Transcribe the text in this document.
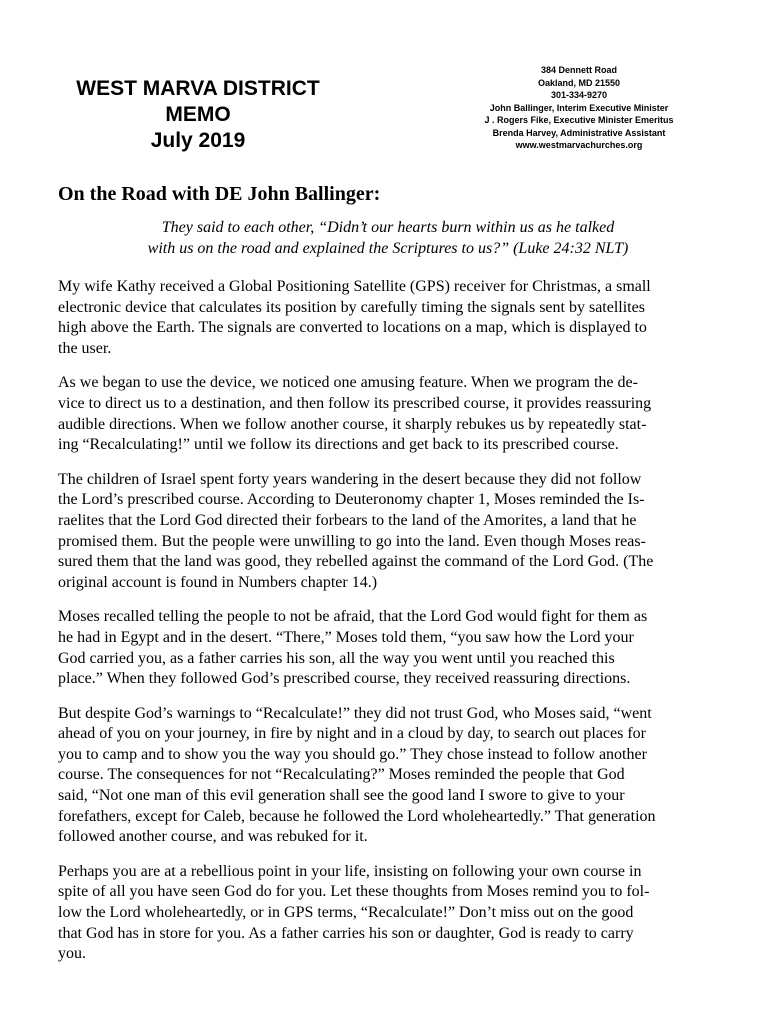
WEST MARVA DISTRICT
MEMO
July 2019
384 Dennett Road
Oakland, MD 21550
301-334-9270
John Ballinger, Interim Executive Minister
J . Rogers Fike, Executive Minister Emeritus
Brenda Harvey, Administrative Assistant
www.westmarvachurches.org
On the Road with DE John Ballinger:
They said to each other, “Didn’t our hearts burn within us as he talked
with us on the road and explained the Scriptures to us?” (Luke 24:32 NLT)
My wife Kathy received a Global Positioning Satellite (GPS) receiver for Christmas, a small
electronic device that calculates its position by carefully timing the signals sent by satellites
high above the Earth. The signals are converted to locations on a map, which is displayed to
the user.
As we began to use the device, we noticed one amusing feature. When we program the de-
vice to direct us to a destination, and then follow its prescribed course, it provides reassuring
audible directions. When we follow another course, it sharply rebukes us by repeatedly stat-
ing “Recalculating!” until we follow its directions and get back to its prescribed course.
The children of Israel spent forty years wandering in the desert because they did not follow
the Lord’s prescribed course. According to Deuteronomy chapter 1, Moses reminded the Is-
raelites that the Lord God directed their forbears to the land of the Amorites, a land that he
promised them. But the people were unwilling to go into the land. Even though Moses reas-
sured them that the land was good, they rebelled against the command of the Lord God. (The
original account is found in Numbers chapter 14.)
Moses recalled telling the people to not be afraid, that the Lord God would fight for them as
he had in Egypt and in the desert. “There,” Moses told them, “you saw how the Lord your
God carried you, as a father carries his son, all the way you went until you reached this
place.” When they followed God’s prescribed course, they received reassuring directions.
But despite God’s warnings to “Recalculate!” they did not trust God, who Moses said, “went
ahead of you on your journey, in fire by night and in a cloud by day, to search out places for
you to camp and to show you the way you should go.” They chose instead to follow another
course. The consequences for not “Recalculating?” Moses reminded the people that God
said, “Not one man of this evil generation shall see the good land I swore to give to your
forefathers, except for Caleb, because he followed the Lord wholeheartedly.” That generation
followed another course, and was rebuked for it.
Perhaps you are at a rebellious point in your life, insisting on following your own course in
spite of all you have seen God do for you. Let these thoughts from Moses remind you to fol-
low the Lord wholeheartedly, or in GPS terms, “Recalculate!” Don’t miss out on the good
that God has in store for you. As a father carries his son or daughter, God is ready to carry
you.
